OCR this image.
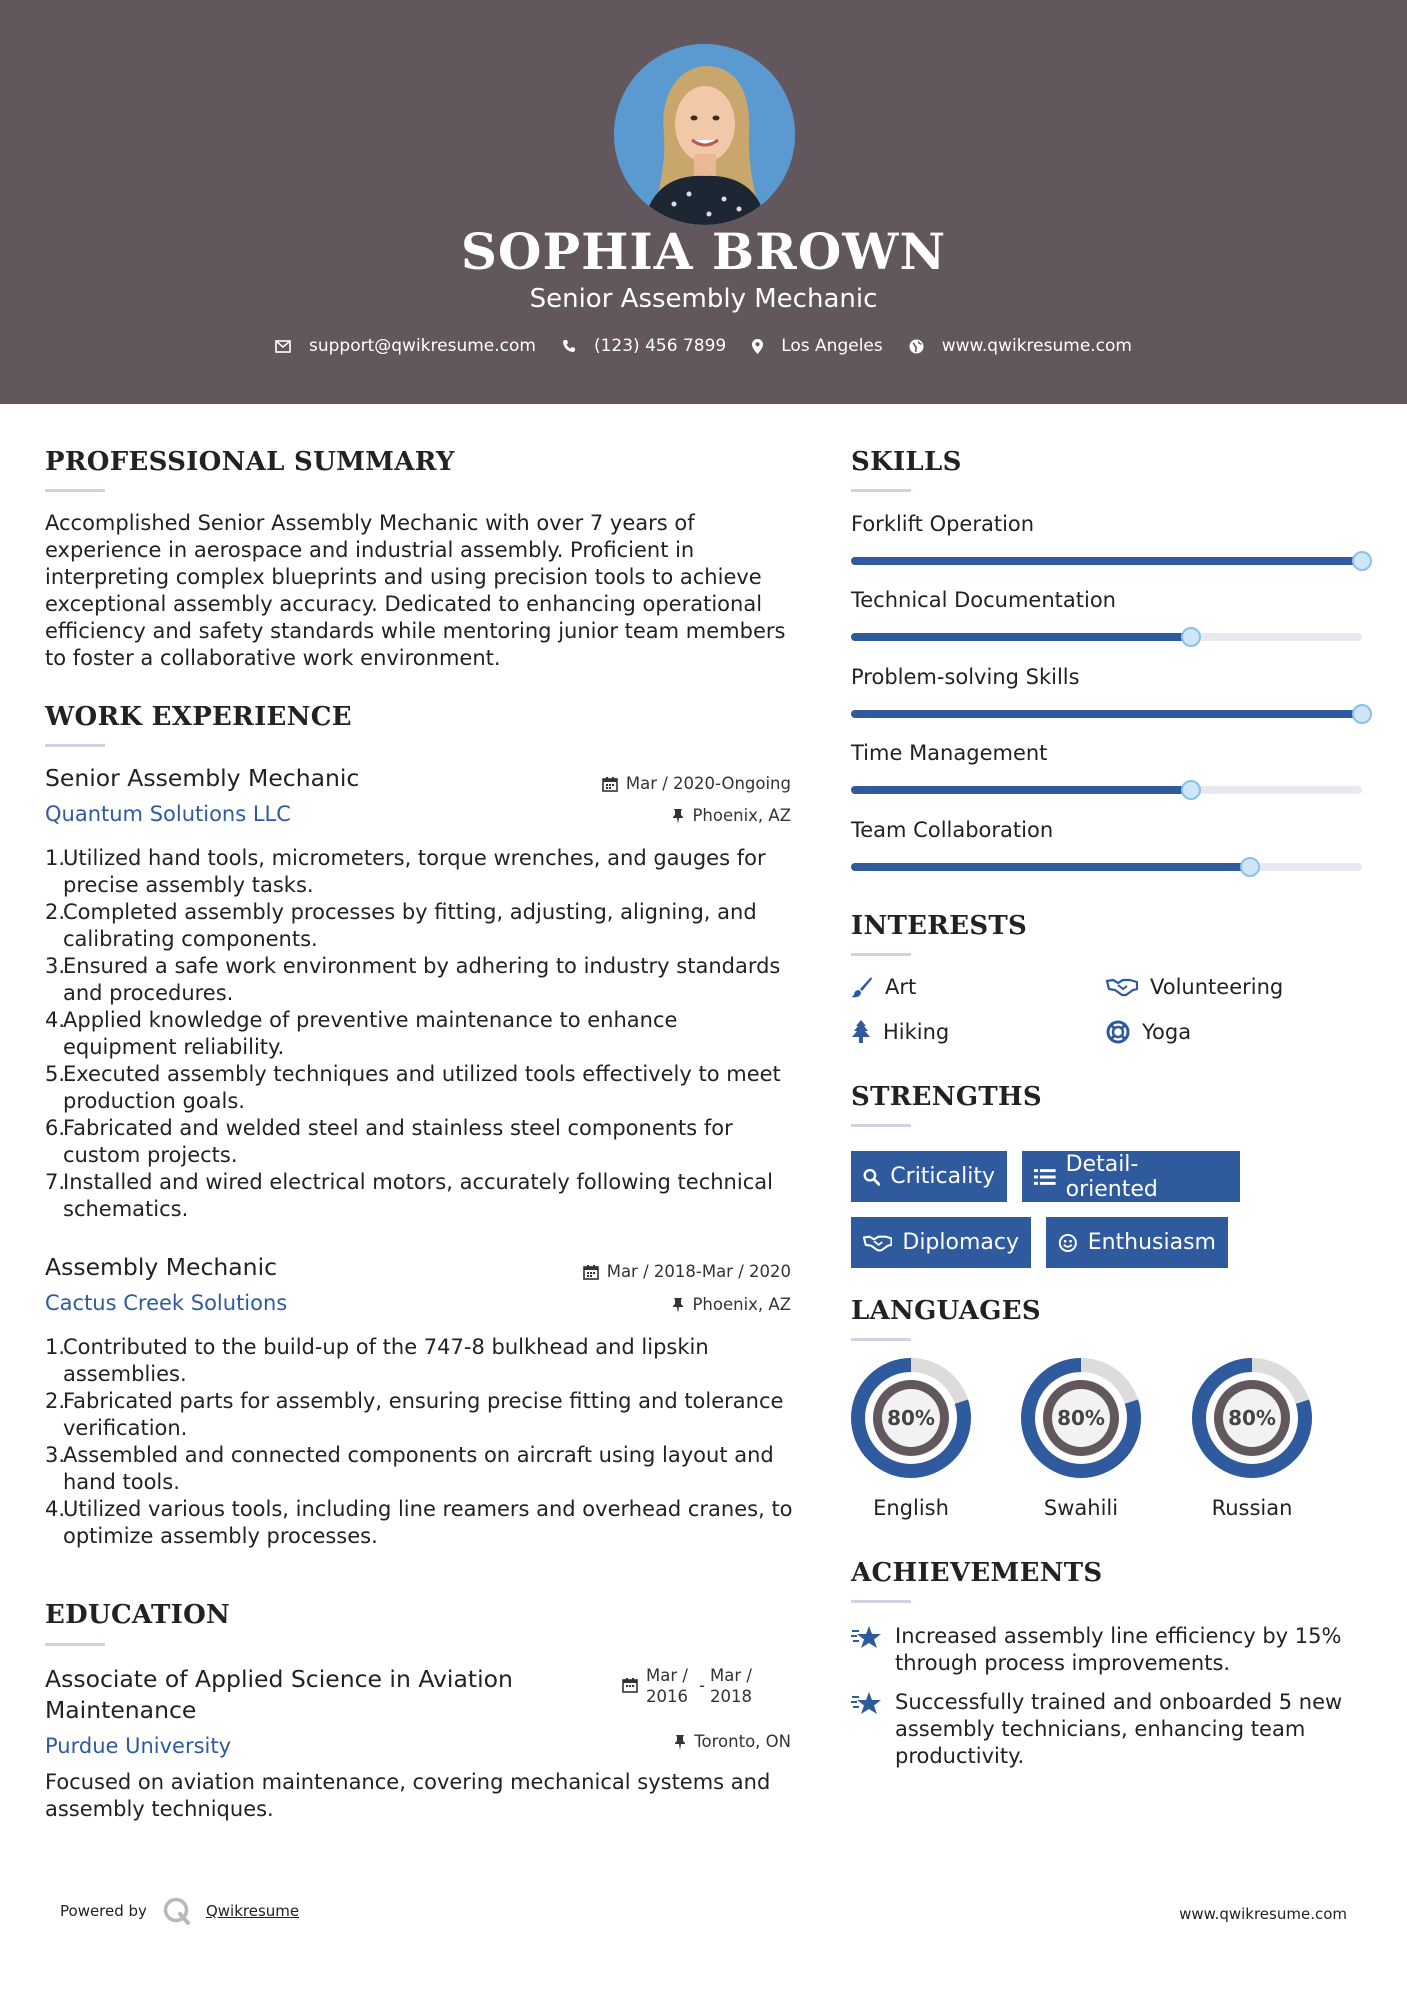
SOPHIA BROWN
Senior Assembly Mechanic
support@qwikresume.com	(123) 456 7899	Los Angeles	www.qwikresume.com
PROFESSIONAL SUMMARY
Accomplished Senior Assembly Mechanic with over 7 years of experience in aerospace and industrial assembly. Proficient in interpreting complex blueprints and using precision tools to achieve exceptional assembly accuracy. Dedicated to enhancing operational efficiency and safety standards while mentoring junior team members to foster a collaborative work environment.
WORK EXPERIENCE
Senior Assembly Mechanic
Quantum Solutions LLC
Mar / 2020-Ongoing
Phoenix, AZ
1.
Utilized hand tools, micrometers, torque wrenches, and gauges for
precise assembly tasks.
2.
Completed assembly processes by fitting, adjusting, aligning, and
calibrating components.
3.
Ensured a safe work environment by adhering to industry standards
and procedures.
4.
Applied knowledge of preventive maintenance to enhance
equipment reliability.
5.
Executed assembly techniques and utilized tools effectively to meet
production goals.
6.
Fabricated and welded steel and stainless steel components for
custom projects.
7.
Installed and wired electrical motors, accurately following technical
schematics.
Assembly Mechanic
Cactus Creek Solutions
Mar / 2018-Mar / 2020
Phoenix, AZ
1.
Contributed to the build-up of the 747-8 bulkhead and lipskin
assemblies.
2.
Fabricated parts for assembly, ensuring precise fitting and tolerance
verification.
3.
Assembled and connected components on aircraft using layout and
hand tools.
4.
Utilized various tools, including line reamers and overhead cranes, to
optimize assembly processes.
EDUCATION
Associate of Applied Science in Aviation
Maintenance
Purdue University
Mar /
2016
-
Mar /
2018
Toronto, ON
Focused on aviation maintenance, covering mechanical systems and assembly techniques.
SKILLS
Forklift Operation
Technical Documentation
Problem-solving Skills
Time Management
Team Collaboration
INTERESTS
Art	Volunteering
Hiking	Yoga
STRENGTHS
Criticality	Detail-oriented
Diplomacy	Enthusiasm
LANGUAGES
80%
English
80%
Swahili
80%
Russian
ACHIEVEMENTS
Increased assembly line efficiency by 15%
through process improvements.
Successfully trained and onboarded 5 new
assembly technicians, enhancing team
productivity.
Powered by	Qwikresume	www.qwikresume.com
